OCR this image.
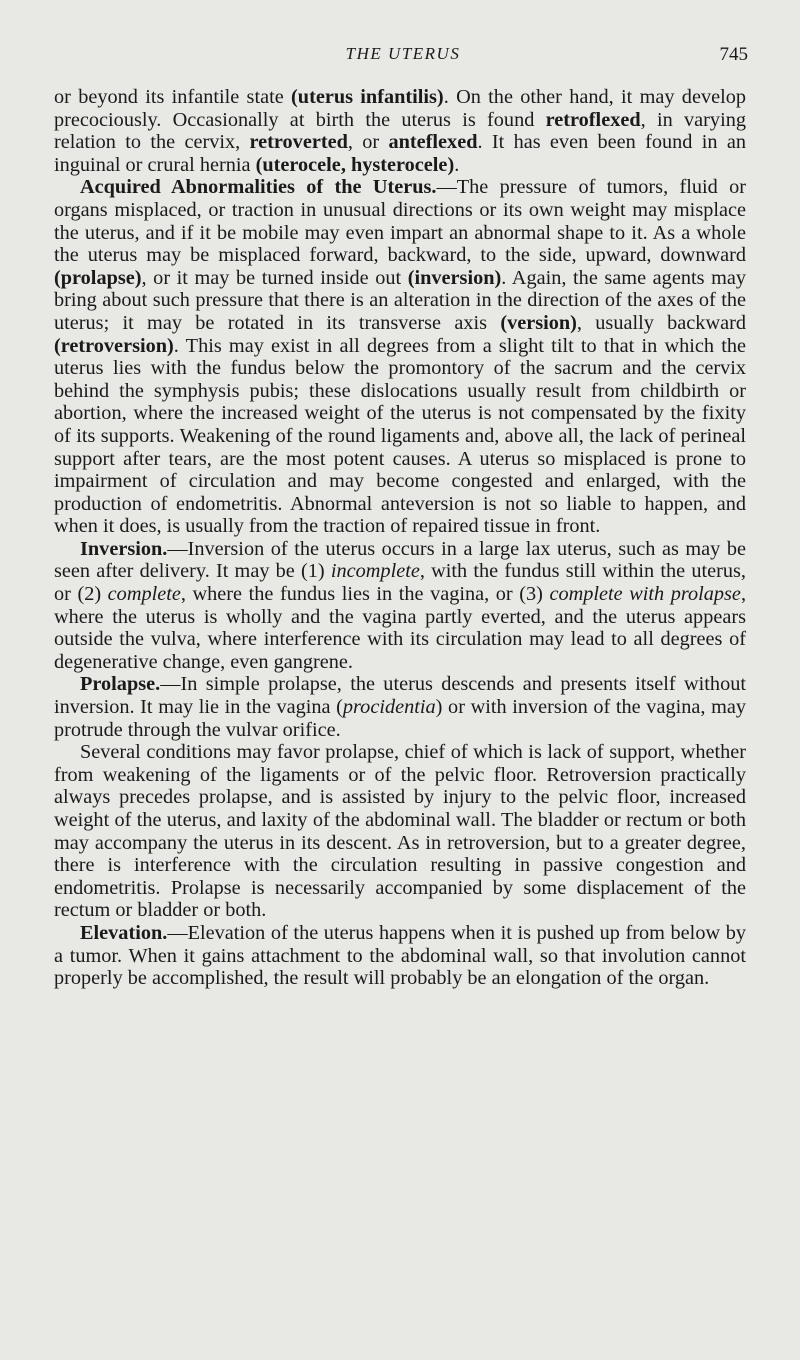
THE UTERUS	745

or beyond its infantile state (uterus infantilis). On the other hand, it may develop precociously. Occasionally at birth the uterus is found retroflexed, in varying relation to the cervix, retroverted, or anteflexed. It has even been found in an inguinal or crural hernia (uterocele, hysterocele).

Acquired Abnormalities of the Uterus.—The pressure of tumors, fluid or organs misplaced, or traction in unusual directions or its own weight may misplace the uterus, and if it be mobile may even impart an abnormal shape to it. As a whole the uterus may be misplaced forward, backward, to the side, upward, downward (prolapse), or it may be turned inside out (inversion). Again, the same agents may bring about such pressure that there is an alteration in the direction of the axes of the uterus; it may be rotated in its transverse axis (version), usually backward (retroversion). This may exist in all degrees from a slight tilt to that in which the uterus lies with the fundus below the promontory of the sacrum and the cervix behind the symphysis pubis; these dislocations usually result from childbirth or abortion, where the increased weight of the uterus is not compensated by the fixity of its supports. Weakening of the round ligaments and, above all, the lack of perineal support after tears, are the most potent causes. A uterus so misplaced is prone to impairment of circulation and may become congested and enlarged, with the production of endometritis. Abnormal anteversion is not so liable to happen, and when it does, is usually from the traction of repaired tissue in front.

Inversion.—Inversion of the uterus occurs in a large lax uterus, such as may be seen after delivery. It may be (1) incomplete, with the fundus still within the uterus, or (2) complete, where the fundus lies in the vagina, or (3) complete with prolapse, where the uterus is wholly and the vagina partly everted, and the uterus appears outside the vulva, where interference with its circulation may lead to all degrees of degenerative change, even gangrene.

Prolapse.—In simple prolapse, the uterus descends and presents itself without inversion. It may lie in the vagina (procidentia) or with inversion of the vagina, may protrude through the vulvar orifice.

Several conditions may favor prolapse, chief of which is lack of support, whether from weakening of the ligaments or of the pelvic floor. Retroversion practically always precedes prolapse, and is assisted by injury to the pelvic floor, increased weight of the uterus, and laxity of the abdominal wall. The bladder or rectum or both may accompany the uterus in its descent. As in retroversion, but to a greater degree, there is interference with the circulation resulting in passive congestion and endometritis. Prolapse is necessarily accompanied by some displacement of the rectum or bladder or both.

Elevation.—Elevation of the uterus happens when it is pushed up from below by a tumor. When it gains attachment to the abdominal wall, so that involution cannot properly be accomplished, the result will probably be an elongation of the organ.
